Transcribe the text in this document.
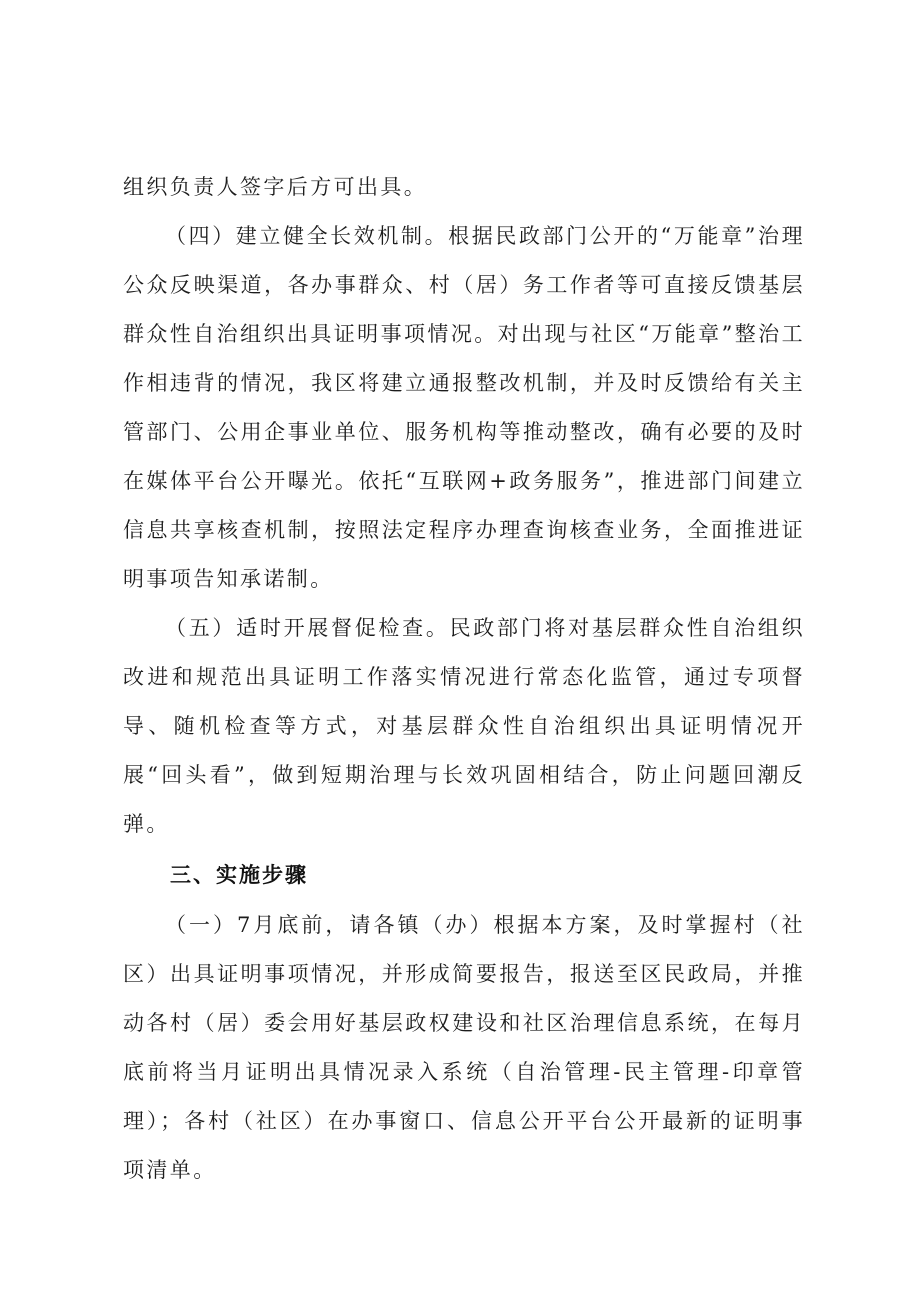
组织负责人签字后方可出具。

（四）建立健全长效机制。根据民政部门公开的“万能章”治理公众反映渠道，各办事群众、村（居）务工作者等可直接反馈基层群众性自治组织出具证明事项情况。对出现与社区“万能章”整治工作相违背的情况，我区将建立通报整改机制，并及时反馈给有关主管部门、公用企事业单位、服务机构等推动整改，确有必要的及时在媒体平台公开曝光。依托“互联网+政务服务”，推进部门间建立信息共享核查机制，按照法定程序办理查询核查业务，全面推进证明事项告知承诺制。

（五）适时开展督促检查。民政部门将对基层群众性自治组织改进和规范出具证明工作落实情况进行常态化监管，通过专项督导、随机检查等方式，对基层群众性自治组织出具证明情况开展“回头看”，做到短期治理与长效巩固相结合，防止问题回潮反弹。

三、实施步骤

（一）7月底前，请各镇（办）根据本方案，及时掌握村（社区）出具证明事项情况，并形成简要报告，报送至区民政局，并推动各村（居）委会用好基层政权建设和社区治理信息系统，在每月底前将当月证明出具情况录入系统（自治管理-民主管理-印章管理）；各村（社区）在办事窗口、信息公开平台公开最新的证明事项清单。
